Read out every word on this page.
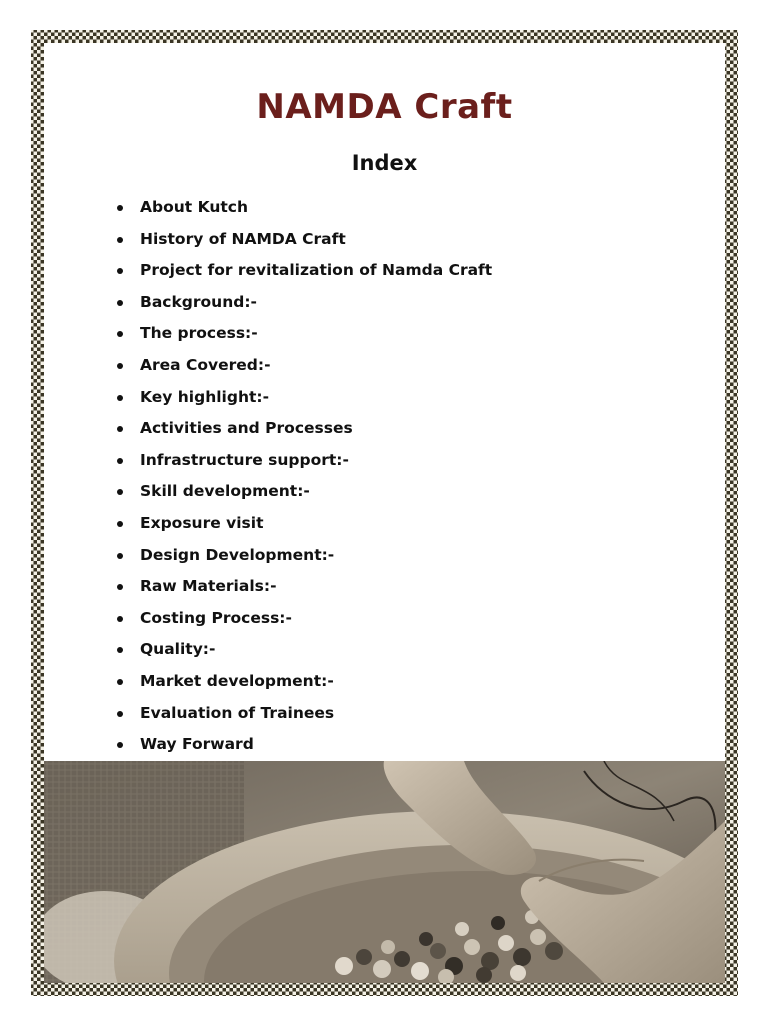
NAMDA Craft
Index
About Kutch
History of NAMDA Craft
Project for revitalization of Namda Craft
Background:-
The process:-
Area Covered:-
Key highlight:-
Activities and Processes
Infrastructure support:-
Skill development:-
Exposure visit
Design Development:-
Raw Materials:-
Costing Process:-
Quality:-
Market development:-
Evaluation of Trainees
Way Forward
